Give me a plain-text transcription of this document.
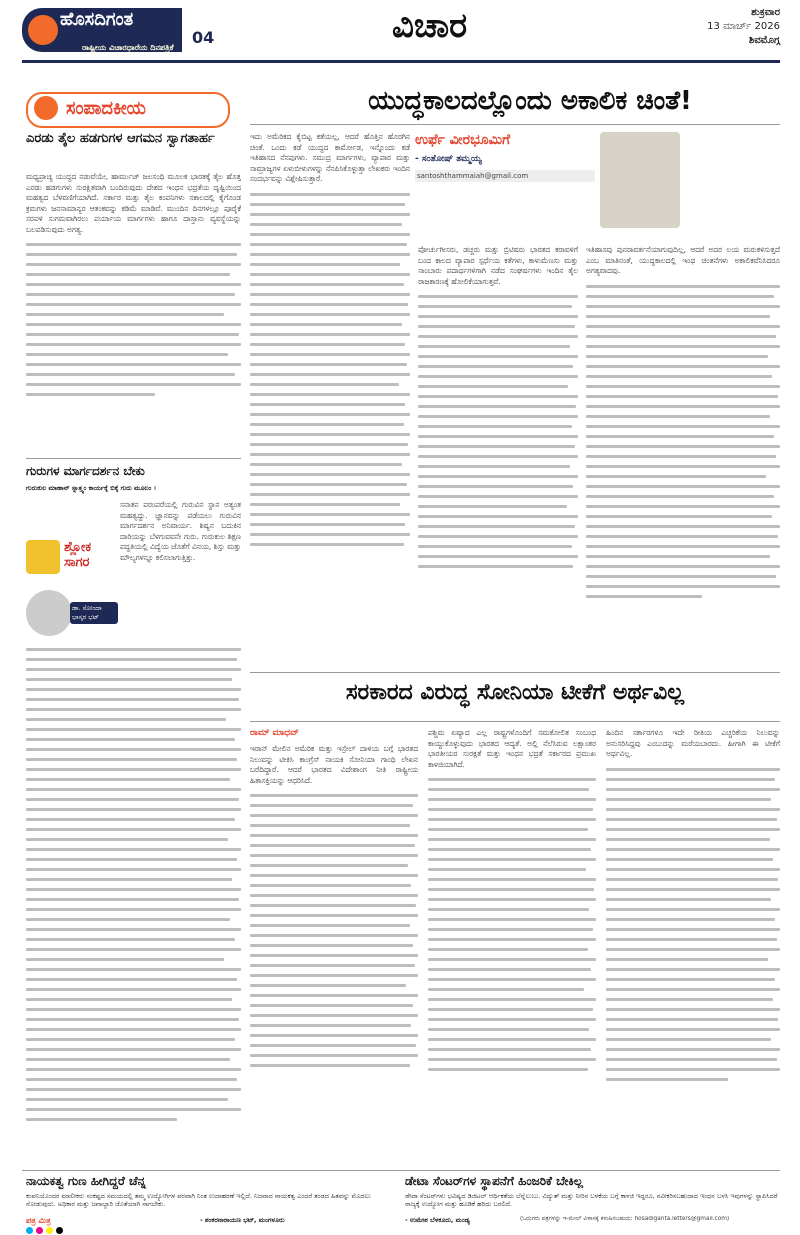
ಹೊಸದಿಗಂತ
ರಾಷ್ಟ್ರೀಯ ವಿಚಾರಧಾರೆಯ ದಿನಪತ್ರಿಕೆ
04	ವಿಚಾರ	ಶುಕ್ರವಾರ
13 ಮಾರ್ಚ್ 2026
ಶಿವಮೊಗ್ಗ
ಸಂಪಾದಕೀಯ
ಎರಡು ತೈಲ ಹಡಗುಗಳ ಆಗಮನ ಸ್ವಾಗತಾರ್ಹ
ಮಧ್ಯಪ್ರಾಚ್ಯ ಯುದ್ಧದ ನಡುವೆಯೇ, ಹಾರ್ಮುಜ್ ಜಲಸಂಧಿ ಮೂಲಕ ಭಾರತಕ್ಕೆ ತೈಲ ಹೊತ್ತ ಎರಡು ಹಡಗುಗಳು ಸುರಕ್ಷಿತವಾಗಿ ಬಂದಿರುವುದು ದೇಶದ ಇಂಧನ ಭದ್ರತೆಯ ದೃಷ್ಟಿಯಿಂದ ಮಹತ್ವದ ಬೆಳವಣಿಗೆಯಾಗಿದೆ. ಸರ್ಕಾರ ಮತ್ತು ತೈಲ ಕಂಪನಿಗಳು ಸಕಾಲದಲ್ಲಿ ಕೈಗೊಂಡ ಕ್ರಮಗಳು ಜನಸಾಮಾನ್ಯರ ಆತಂಕವನ್ನು ಕಡಿಮೆ ಮಾಡಿವೆ. ಮುಂದಿನ ದಿನಗಳಲ್ಲೂ ಪೂರೈಕೆ ಸರಪಳಿ ಸುಗಮವಾಗಿರಲು ಪರ್ಯಾಯ ಮಾರ್ಗಗಳು ಹಾಗೂ ದಾಸ್ತಾನು ವ್ಯವಸ್ಥೆಯನ್ನು ಬಲಪಡಿಸುವುದು ಅಗತ್ಯ.
ಗುರುಗಳ ಮಾರ್ಗದರ್ಶನ ಬೇಕು
ಗುರುಕುಲ ಮಾಹಾನ್ ಸ್ನಾತ್ತ್ವಂ ಕಾರ್ಯಕ್ಕೆ ಬಿಕ್ಕೆ ಗುರು ಮೂಲಂ ।
ಶ್ಲೋಕ ಸಾಗರ
ಡಾ. ಸೋಂದಾ ಭಾಸ್ಕರ ಭಟ್
ಸನಾತನ ಪರಂಪರೆಯಲ್ಲಿ ಗುರುವಿನ ಸ್ಥಾನ ಅತ್ಯಂತ ಮಹತ್ವದ್ದು. ಜ್ಞಾನವನ್ನು ಪಡೆಯಲು ಗುರುವಿನ ಮಾರ್ಗದರ್ಶನ ಅನಿವಾರ್ಯ. ಶಿಷ್ಯನ ಬದುಕಿನ ದಾರಿಯನ್ನು ಬೆಳಗುವವನೇ ಗುರು. ಗುರುಕುಲ ಶಿಕ್ಷಣ ಪದ್ಧತಿಯಲ್ಲಿ ವಿದ್ಯೆಯ ಜೊತೆಗೆ ವಿನಯ, ಶಿಸ್ತು ಮತ್ತು ಮೌಲ್ಯಗಳನ್ನೂ ಕಲಿಸಲಾಗುತ್ತಿತ್ತು.
ಯುದ್ಧಕಾಲದಲ್ಲೊಂದು ಅಕಾಲಿಕ ಚಿಂತೆ!
ಉರ್ಫೆ ವೀರಭೂಮಿಗೆ
- ಸಂತೋಷ್ ತಮ್ಮಯ್ಯ
santoshthammaiah@gmail.com
ಇದು ಅಮೆರಿಕದ ಕೈಬಿಟ್ಟ ಕತೆಯಲ್ಲ, ಆದರೆ ಹೊತ್ತಿನ ಹೊರಗಿನ ಚಿಂತೆ. ಒಂದು ಕಡೆ ಯುದ್ಧದ ಕಾರ್ಮೋಡ, ಇನ್ನೊಂದು ಕಡೆ ಇತಿಹಾಸದ ನೆನಪುಗಳು. ಸಮುದ್ರ ಮಾರ್ಗಗಳು, ವ್ಯಾಪಾರ ಮತ್ತು ಸಾಮ್ರಾಜ್ಯಗಳ ಏಳುಬೀಳುಗಳನ್ನು ನೆನಪಿಸಿಕೊಳ್ಳುತ್ತಾ ಲೇಖಕರು ಇಂದಿನ ಸಂದರ್ಭವನ್ನು ವಿಶ್ಲೇಷಿಸುತ್ತಾರೆ.
ಪೋರ್ಚುಗೀಸರು, ಡಚ್ಚರು ಮತ್ತು ಬ್ರಿಟಿಷರು ಭಾರತದ ಕರಾವಳಿಗೆ ಬಂದ ಕಾಲದ ವ್ಯಾಪಾರ ಸ್ಪರ್ಧೆಯ ಕತೆಗಳು, ಕಾಳುಮೆಣಸು ಮತ್ತು ಸಾಂಬಾರು ಪದಾರ್ಥಗಳಿಗಾಗಿ ನಡೆದ ಸಂಘರ್ಷಗಳು ಇಂದಿನ ತೈಲ ರಾಜಕಾರಣಕ್ಕೆ ಹೋಲಿಕೆಯಾಗುತ್ತವೆ.
ಇತಿಹಾಸವು ಪುನರಾವರ್ತನೆಯಾಗುವುದಿಲ್ಲ, ಆದರೆ ಅದರ ಲಯ ಮರುಕಳಿಸುತ್ತದೆ ಎಂಬ ಮಾತಿನಂತೆ, ಯುದ್ಧಕಾಲದಲ್ಲಿ ಇಂಥ ಚಿಂತನೆಗಳು ಅಕಾಲಿಕವೆನಿಸಿದರೂ ಅಗತ್ಯವಾದವು.
ಸರಕಾರದ ವಿರುದ್ಧ ಸೋನಿಯಾ ಟೀಕೆಗೆ ಅರ್ಥವಿಲ್ಲ
ರಾಮ್ ಮಾಧವ್
ಇರಾನ್ ಮೇಲಿನ ಅಮೆರಿಕ ಮತ್ತು ಇಸ್ರೇಲ್ ದಾಳಿಯ ಬಗ್ಗೆ ಭಾರತದ ನಿಲುವನ್ನು ಟೀಕಿಸಿ ಕಾಂಗ್ರೆಸ್ ನಾಯಕಿ ಸೋನಿಯಾ ಗಾಂಧಿ ಲೇಖನ ಬರೆದಿದ್ದಾರೆ. ಆದರೆ ಭಾರತದ ವಿದೇಶಾಂಗ ನೀತಿ ರಾಷ್ಟ್ರೀಯ ಹಿತಾಸಕ್ತಿಯನ್ನು ಆಧರಿಸಿದೆ.
ಪಶ್ಚಿಮ ಏಷ್ಯಾದ ಎಲ್ಲ ರಾಷ್ಟ್ರಗಳೊಂದಿಗೆ ಸಮತೋಲಿತ ಸಂಬಂಧ ಕಾಯ್ದುಕೊಳ್ಳುವುದು ಭಾರತದ ಆದ್ಯತೆ. ಅಲ್ಲಿ ನೆಲೆಸಿರುವ ಲಕ್ಷಾಂತರ ಭಾರತೀಯರ ಸುರಕ್ಷತೆ ಮತ್ತು ಇಂಧನ ಭದ್ರತೆ ಸರ್ಕಾರದ ಪ್ರಮುಖ ಕಾಳಜಿಯಾಗಿದೆ.
ಹಿಂದಿನ ಸರ್ಕಾರಗಳೂ ಇದೇ ರೀತಿಯ ಎಚ್ಚರಿಕೆಯ ನಿಲುವನ್ನು ಅನುಸರಿಸಿದ್ದವು ಎಂಬುದನ್ನು ಮರೆಯಬಾರದು. ಹೀಗಾಗಿ ಈ ಟೀಕೆಗೆ ಅರ್ಥವಿಲ್ಲ.
ನಾಯಕತ್ವ ಗುಣ ಹೀಗಿದ್ದರೆ ಚೆನ್ನ
ಕಂಪನಿಯೊಂದರ ಮಾಲೀಕರು ಸಂಕಷ್ಟದ ಸಮಯದಲ್ಲಿ ತಮ್ಮ ಉದ್ಯೋಗಿಗಳ ಪರವಾಗಿ ನಿಂತ ಉದಾಹರಣೆ ಇಲ್ಲಿದೆ. ನಿಜವಾದ ನಾಯಕತ್ವ ಎಂದರೆ ತಂಡದ ಹಿತವನ್ನು ಮೊದಲು ನೋಡುವುದು. ಅಧಿಕಾರ ಮತ್ತು ಜವಾಬ್ದಾರಿ ಜೊತೆಯಾಗಿ ಸಾಗಬೇಕು.
- ಶಂಕರನಾರಾಯಣ ಭಟ್, ಮಂಗಳೂರು
ಪತ್ರ ಮಿತ್ರ
ಡೇಟಾ ಸೆಂಟರ್‌ಗಳ ಸ್ಥಾಪನೆಗೆ ಹಿಂಜರಿಕೆ ಬೇಕಿಲ್ಲ
ಡೇಟಾ ಸೆಂಟರ್‌ಗಳು ಭವಿಷ್ಯದ ಡಿಜಿಟಲ್ ಆರ್ಥಿಕತೆಯ ಬೆನ್ನೆಲುಬು. ವಿದ್ಯುತ್ ಮತ್ತು ನೀರಿನ ಬಳಕೆಯ ಬಗ್ಗೆ ಕಾಳಜಿ ಇದ್ದರೂ, ನವೀಕರಿಸಬಹುದಾದ ಇಂಧನ ಬಳಸಿ ಇವುಗಳನ್ನು ಸ್ಥಾಪಿಸಿದರೆ ರಾಜ್ಯಕ್ಕೆ ಉದ್ಯೋಗ ಮತ್ತು ಹೂಡಿಕೆ ಹರಿದು ಬರಲಿದೆ.
- ಉಮೇಶ ಬೆಳಕೂರು, ಮಂಡ್ಯ	(ಓದುಗರು ಪತ್ರಗಳನ್ನು ಇ-ಮೇಲ್ ವಿಳಾಸಕ್ಕೆ ಕಳುಹಿಸಬಹುದು: hosadiganta.letters@gmail.com)
